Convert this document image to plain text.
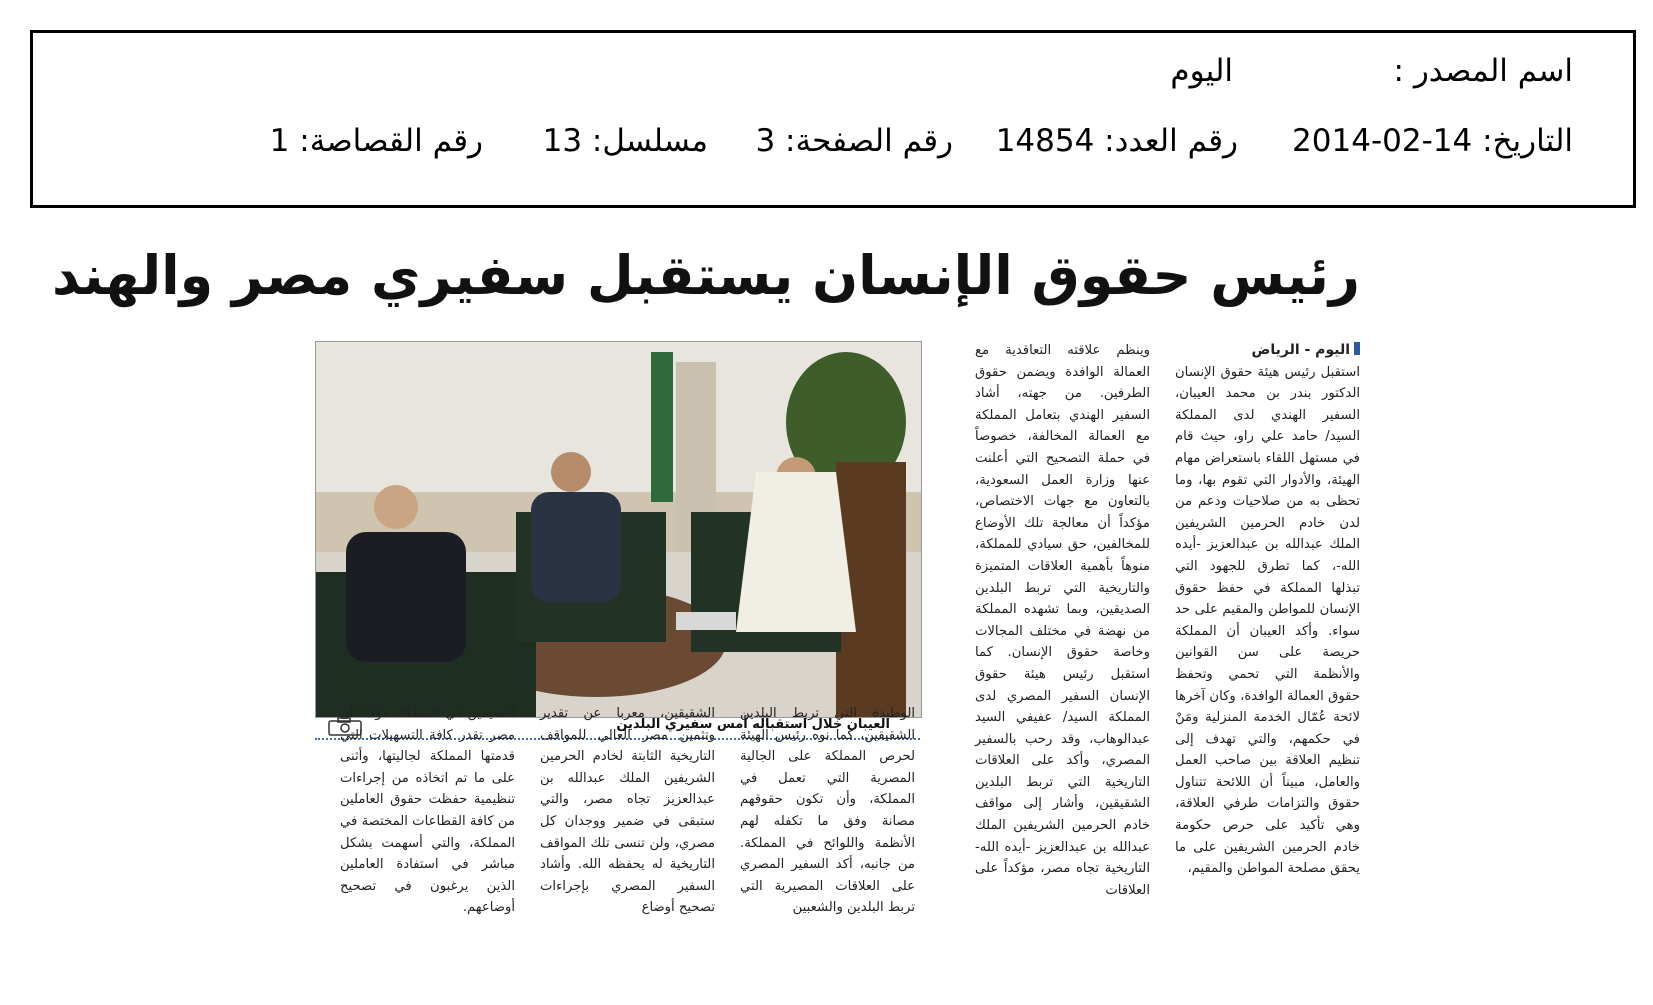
اسم المصدر :
اليوم
التاريخ: 14-02-2014
رقم العدد: 14854
رقم الصفحة: 3
مسلسل: 13
رقم القصاصة: 1
رئيس حقوق الإنسان يستقبل سفيري مصر والهند
اليوم - الرياض
استقبل رئيس هيئة حقوق الإنسان الدكتور بندر بن محمد العيبان، السفير الهندي لدى المملكة السيد/ حامد علي راو، حيث قام في مستهل اللقاء باستعراض مهام الهيئة، والأدوار التي تقوم بها، وما تحظى به من صلاحيات ودعم من لدن خادم الحرمين الشريفين الملك عبدالله بن عبدالعزيز -أيده الله-، كما تطرق للجهود التي تبذلها المملكة في حفظ حقوق الإنسان للمواطن والمقيم على حد سواء. وأكد العيبان أن المملكة حريصة على سن القوانين والأنظمة التي تحمي وتحفظ حقوق العمالة الوافدة، وكان آخرها لائحة عُمّال الخدمة المنزلية ومَنْ في حكمهم، والتي تهدف إلى تنظيم العلاقة بين صاحب العمل والعامل، مبيناً أن اللائحة تتناول حقوق والتزامات طرفي العلاقة، وهي تأكيد على حرص حكومة خادم الحرمين الشريفين على ما يحقق مصلحة المواطن والمقيم،
وينظم علاقته التعاقدية مع العمالة الوافدة ويضمن حقوق الطرفين. من جهته، أشاد السفير الهندي بتعامل المملكة مع العمالة المخالفة، خصوصاً في حملة التصحيح التي أعلنت عنها وزارة العمل السعودية، بالتعاون مع جهات الاختصاص، مؤكداً أن معالجة تلك الأوضاع للمخالفين، حق سيادي للمملكة، منوهاً بأهمية العلاقات المتميزة والتاريخية التي تربط البلدين الصديقين، وبما تشهده المملكة من نهضة في مختلف المجالات وخاصة حقوق الإنسان. كما استقبل رئيس هيئة حقوق الإنسان السفير المصري لدى المملكة السيد/ عفيفي السيد عبدالوهاب، وقد رحب بالسفير المصري، وأكد على العلاقات التاريخية التي تربط البلدين الشقيقين، وأشار إلى مواقف خادم الحرمين الشريفين الملك عبدالله بن عبدالعزيز -أيده الله- التاريخية تجاه مصر، مؤكداً على العلاقات
العيبان خلال استقباله أمس سفيري البلدين
الوطيدة التي تربط البلدين الشقيقين، كما نوه رئيس الهيئة لحرص المملكة على الجالية المصرية التي تعمل في المملكة، وأن تكون حقوقهم مصانة وفق ما تكفله لهم الأنظمة واللوائح في المملكة. من جانبه، أكد السفير المصري على العلاقات المصيرية التي تربط البلدين والشعبين
الشقيقين، معربا عن تقدير وتثمين مصر العالي للمواقف التاريخية الثابتة لخادم الحرمين الشريفين الملك عبدالله بن عبدالعزيز تجاه مصر، والتي ستبقى في ضمير ووجدان كل مصري، ولن تنسى تلك المواقف التاريخية له يحفظه الله. وأشاد السفير المصري بإجراءات تصحيح أوضاع
المقيمين في المملكة، مؤكدا أن مصر تقدر كافة التسهيلات التي قدمتها المملكة لجاليتها، وأثنى على ما تم اتخاذه من إجراءات تنظيمية حفظت حقوق العاملين من كافة القطاعات المختصة في المملكة، والتي أسهمت بشكل مباشر في استفادة العاملين الذين يرغبون في تصحيح أوضاعهم.
